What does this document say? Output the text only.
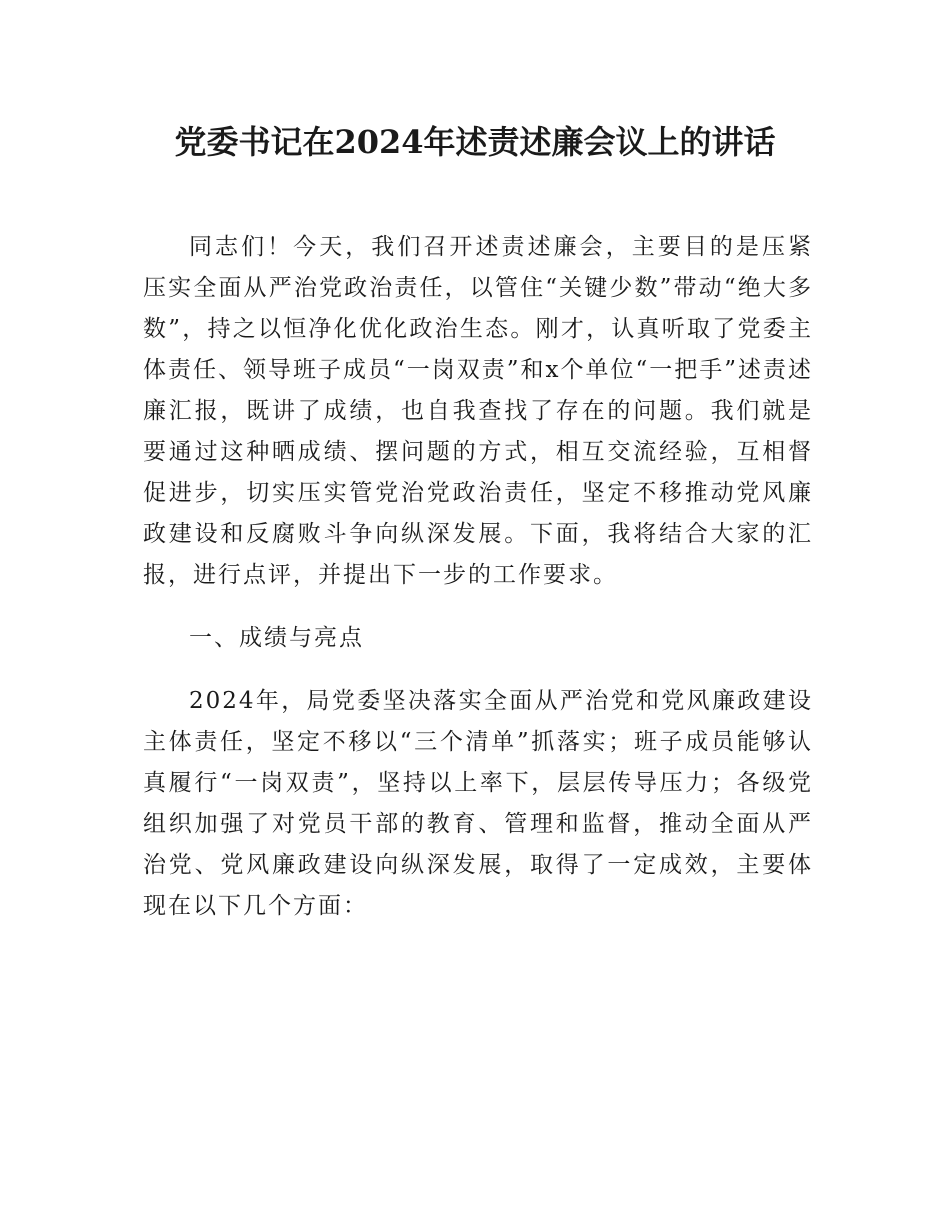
党委书记在2024年述责述廉会议上的讲话

同志们！今天，我们召开述责述廉会，主要目的是压紧压实全面从严治党政治责任，以管住“关键少数”带动“绝大多数”，持之以恒净化优化政治生态。刚才，认真听取了党委主体责任、领导班子成员“一岗双责”和x个单位“一把手”述责述廉汇报，既讲了成绩，也自我查找了存在的问题。我们就是要通过这种晒成绩、摆问题的方式，相互交流经验，互相督促进步，切实压实管党治党政治责任，坚定不移推动党风廉政建设和反腐败斗争向纵深发展。下面，我将结合大家的汇报，进行点评，并提出下一步的工作要求。

一、成绩与亮点

2024年，局党委坚决落实全面从严治党和党风廉政建设主体责任，坚定不移以“三个清单”抓落实；班子成员能够认真履行“一岗双责”，坚持以上率下，层层传导压力；各级党组织加强了对党员干部的教育、管理和监督，推动全面从严治党、党风廉政建设向纵深发展，取得了一定成效，主要体现在以下几个方面：
